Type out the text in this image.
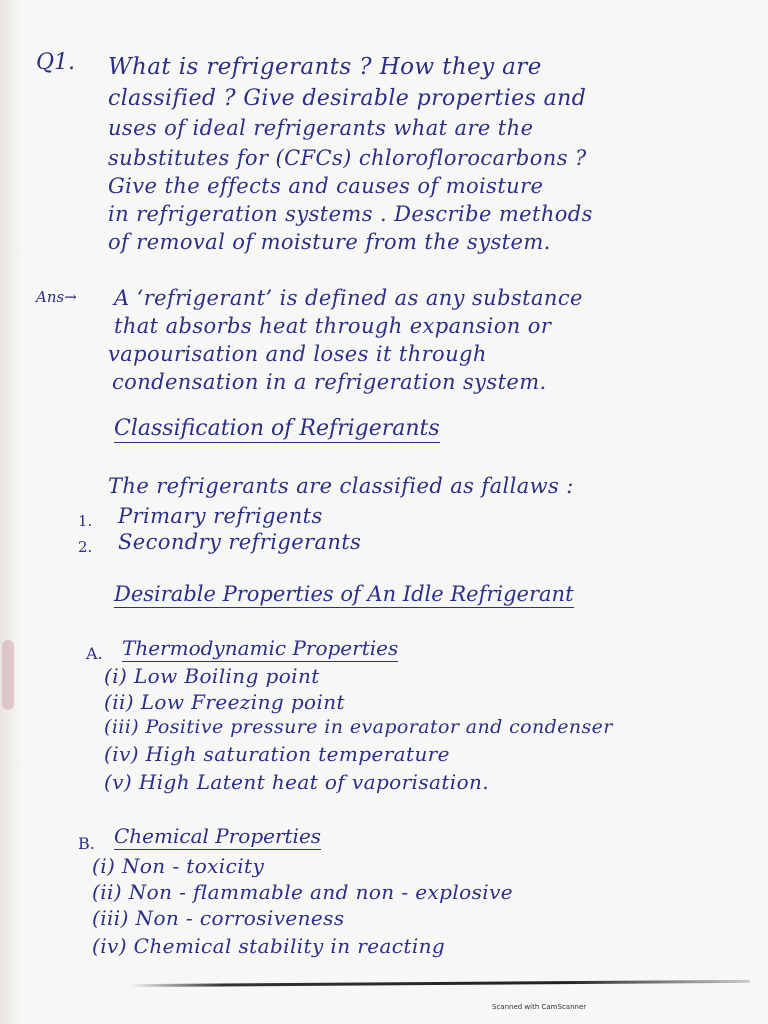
Q1. What is refrigerants ? How they are
classified ? Give desirable properties and
uses of ideal refrigerants what are the
substitutes for (CFCs) chloroflorocarbons ?
Give the effects and causes of moisture
in refrigeration systems . Describe methods
of removal of moisture from the system.
Ans→ A ‘refrigerant’ is defined as any substance
that absorbs heat through expansion or
vapourisation and loses it through
condensation in a refrigeration system.
Classification of Refrigerants
The refrigerants are classified as fallaws :
1. Primary refrigents
2. Secondry refrigerants
Desirable Properties of An Idle Refrigerant
A. Thermodynamic Properties
(i) Low Boiling point
(ii) Low Freezing point
(iii) Positive pressure in evaporator and condenser
(iv) High saturation temperature
(v) High Latent heat of vaporisation.
B. Chemical Properties
(i) Non - toxicity
(ii) Non - flammable and non - explosive
(iii) Non - corrosiveness
(iv) Chemical stability in reacting
Scanned with CamScanner
